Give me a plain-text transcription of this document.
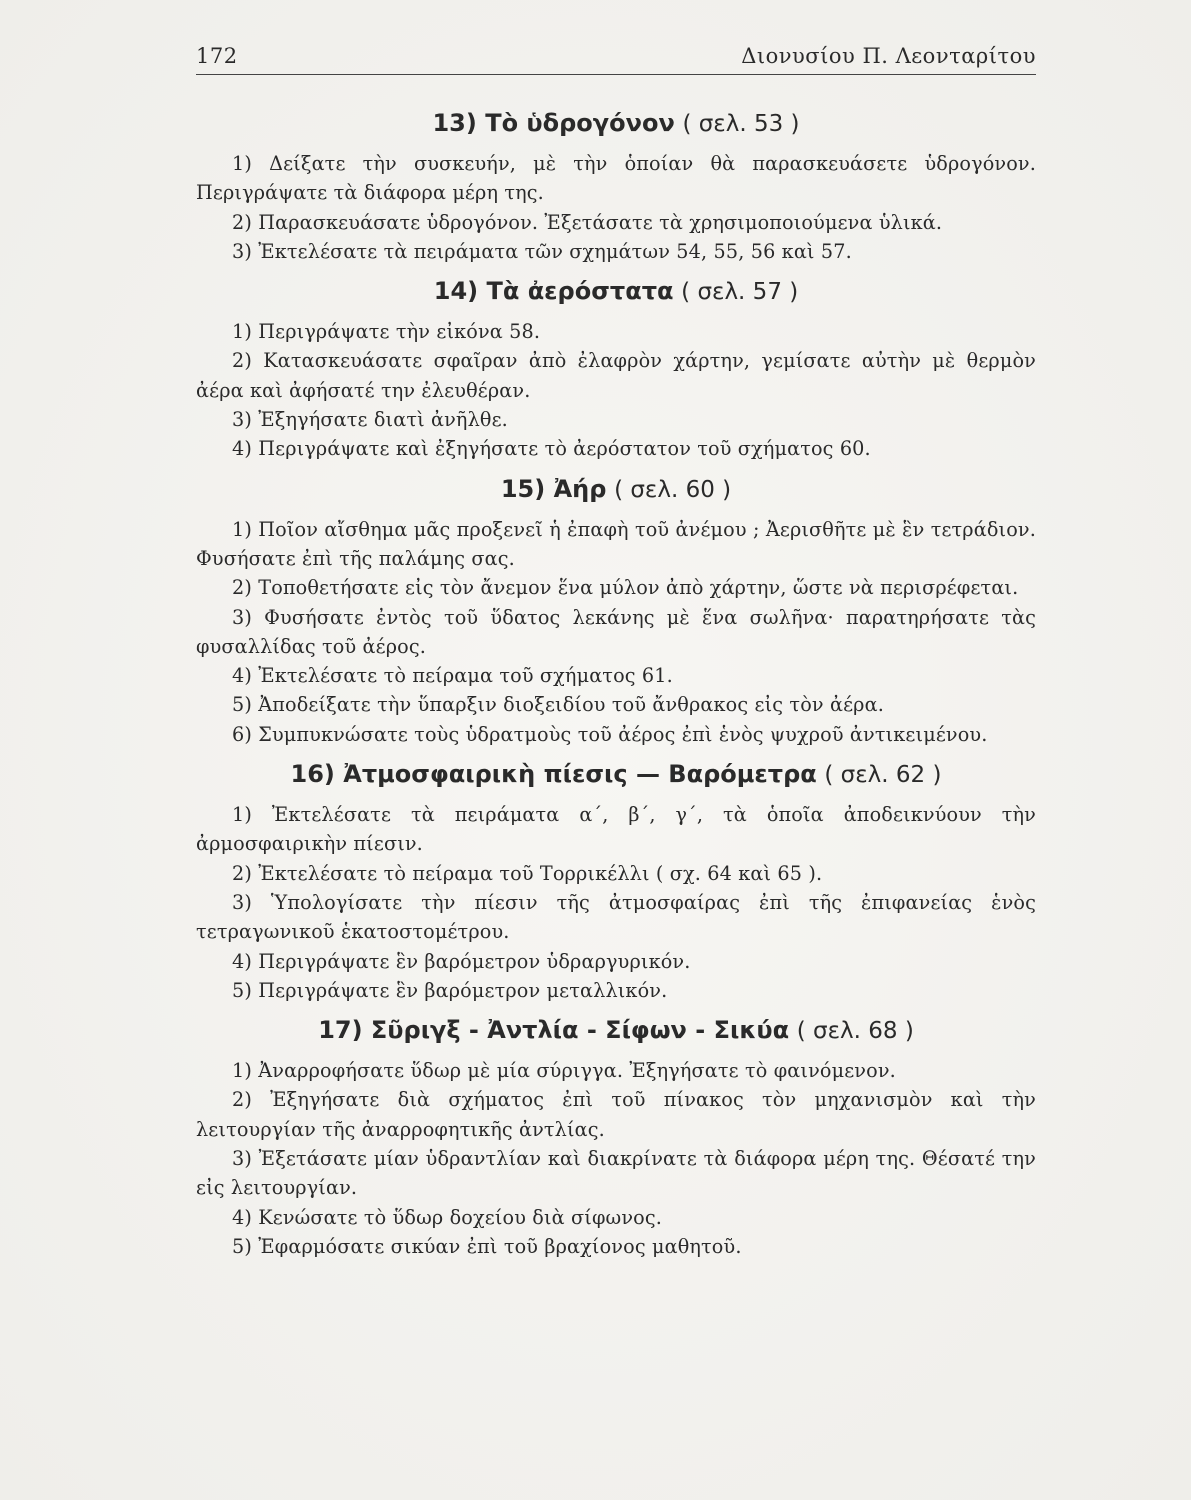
172	Διονυσίου Π. Λεονταρίτου
13) Τὸ ὑδρογόνον ( σελ. 53 )

1) Δείξατε τὴν συσκευήν, μὲ τὴν ὁποίαν θὰ παρασκευάσετε ὑδρογόνον. Περιγράψατε τὰ διάφορα μέρη της.

2) Παρασκευάσατε ὑδρογόνον. Ἐξετάσατε τὰ χρησιμοποιούμενα ὑλικά.

3) Ἐκτελέσατε τὰ πειράματα τῶν σχημάτων 54, 55, 56 καὶ 57.

14) Τὰ ἀερόστατα ( σελ. 57 )

1) Περιγράψατε τὴν εἰκόνα 58.

2) Κατασκευάσατε σφαῖραν ἀπὸ ἐλαφρὸν χάρτην, γεμίσατε αὐτὴν μὲ θερμὸν ἀέρα καὶ ἀφήσατέ την ἐλευθέραν.

3) Ἐξηγήσατε διατὶ ἀνῆλθε.

4) Περιγράψατε καὶ ἐξηγήσατε τὸ ἀερόστατον τοῦ σχήματος 60.

15) Ἀήρ ( σελ. 60 )

1) Ποῖον αἴσθημα μᾶς προξενεῖ ἡ ἐπαφὴ τοῦ ἀνέμου ; Ἀερισθῆτε μὲ ἓν τετράδιον. Φυσήσατε ἐπὶ τῆς παλάμης σας.

2) Τοποθετήσατε εἰς τὸν ἄνεμον ἕνα μύλον ἀπὸ χάρτην, ὥστε νὰ περισρέφεται.

3) Φυσήσατε ἐντὸς τοῦ ὕδατος λεκάνης μὲ ἕνα σωλῆνα· παρατηρήσατε τὰς φυσαλλίδας τοῦ ἀέρος.

4) Ἐκτελέσατε τὸ πείραμα τοῦ σχήματος 61.

5) Ἀποδείξατε τὴν ὕπαρξιν διοξειδίου τοῦ ἄνθρακος εἰς τὸν ἀέρα.

6) Συμπυκνώσατε τοὺς ὑδρατμοὺς τοῦ ἀέρος ἐπὶ ἑνὸς ψυχροῦ ἀντικειμένου.

16) Ἀτμοσφαιρικὴ πίεσις — Βαρόμετρα ( σελ. 62 )

1) Ἐκτελέσατε τὰ πειράματα α΄, β΄, γ΄, τὰ ὁποῖα ἀποδεικνύουν τὴν ἀρμοσφαιρικὴν πίεσιν.

2) Ἐκτελέσατε τὸ πείραμα τοῦ Τορρικέλλι ( σχ. 64 καὶ 65 ).

3) Ὑπολογίσατε τὴν πίεσιν τῆς ἀτμοσφαίρας ἐπὶ τῆς ἐπιφανείας ἑνὸς τετραγωνικοῦ ἑκατοστομέτρου.

4) Περιγράψατε ἓν βαρόμετρον ὑδραργυρικόν.

5) Περιγράψατε ἓν βαρόμετρον μεταλλικόν.

17) Σῦριγξ - Ἀντλία - Σίφων - Σικύα ( σελ. 68 )

1) Ἀναρροφήσατε ὕδωρ μὲ μία σύριγγα. Ἐξηγήσατε τὸ φαινόμενον.

2) Ἐξηγήσατε διὰ σχήματος ἐπὶ τοῦ πίνακος τὸν μηχανισμὸν καὶ τὴν λειτουργίαν τῆς ἀναρροφητικῆς ἀντλίας.

3) Ἐξετάσατε μίαν ὑδραντλίαν καὶ διακρίνατε τὰ διάφορα μέρη της. Θέσατέ την εἰς λειτουργίαν.

4) Κενώσατε τὸ ὕδωρ δοχείου διὰ σίφωνος.

5) Ἐφαρμόσατε σικύαν ἐπὶ τοῦ βραχίονος μαθητοῦ.
